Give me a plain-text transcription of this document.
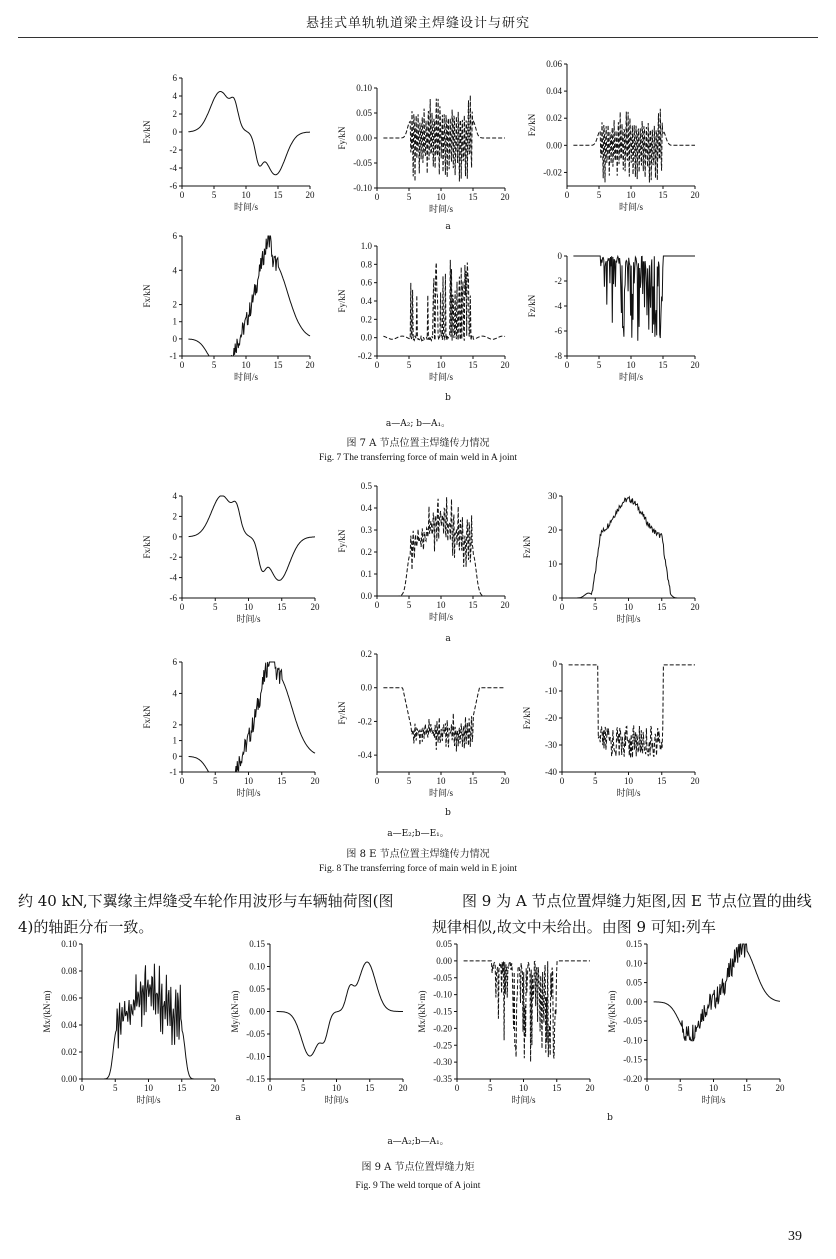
悬挂式单轨轨道梁主焊缝设计与研究
0	5	10	15	20
-6
-4
-2
0
2
4
6
时间/s
Fx/kN
0	5	10	15	20
-0.10
-0.05
0.00
0.05
0.10
时间/s
Fy/kN
0	5	10	15	20
-0.02
0.00
0.02
0.04
0.06
时间/s
Fz/kN
a
0	5	10	15	20
-1
0
1
2
4
6
时间/s
Fx/kN
0	5	10	15	20
-0.2
0.0
0.2
0.4
0.6
0.8
1.0
时间/s
Fy/kN
0	5	10	15	20
-8
-6
-4
-2
0
时间/s
Fz/kN
b
a—A₂; b—A₁。
图 7 A 节点位置主焊缝传力情况
Fig. 7 The transferring force of main weld in A joint
0	5	10	15	20
-6
-4
-2
0
2
4
时间/s
Fx/kN
0	5	10	15	20
0.0
0.1
0.2
0.3
0.4
0.5
时间/s
Fy/kN
0	5	10	15	20
0
10
20
30
时间/s
Fz/kN
a
0	5	10	15	20
-1
0
1
2
4
6
时间/s
Fx/kN
0	5	10	15	20
-0.4
-0.2
0.0
0.2
时间/s
Fy/kN
0	5	10	15	20
-40
-30
-20
-10
0
时间/s
Fz/kN
b
a—E₂;b—E₁。
图 8 E 节点位置主焊缝传力情况
Fig. 8 The transferring force of main weld in E joint
约 40 kN,下翼缘主焊缝受车轮作用波形与车辆轴荷图(图 4)的轴距分布一致。
图 9 为 A 节点位置焊缝力矩图,因 E 节点位置的曲线规律相似,故文中未给出。由图 9 可知:列车
0	5	10	15	20
0.00
0.02
0.04
0.06
0.08
0.10
时间/s
Mx/(kN·m)
0	5	10	15	20
-0.15
-0.10
-0.05
0.00
0.05
0.10
0.15
时间/s
My/(kN·m)
0	5	10	15	20
-0.35
-0.30
-0.25
-0.20
-0.15
-0.10
-0.05
0.00
0.05
时间/s
Mx/(kN·m)
0	5	10	15	20
-0.20
-0.15
-0.10
-0.05
0.00
0.05
0.10
0.15
时间/s
My/(kN·m)
a	b
a—A₂;b—A₁。
图 9 A 节点位置焊缝力矩
Fig. 9 The weld torque of A joint
39
